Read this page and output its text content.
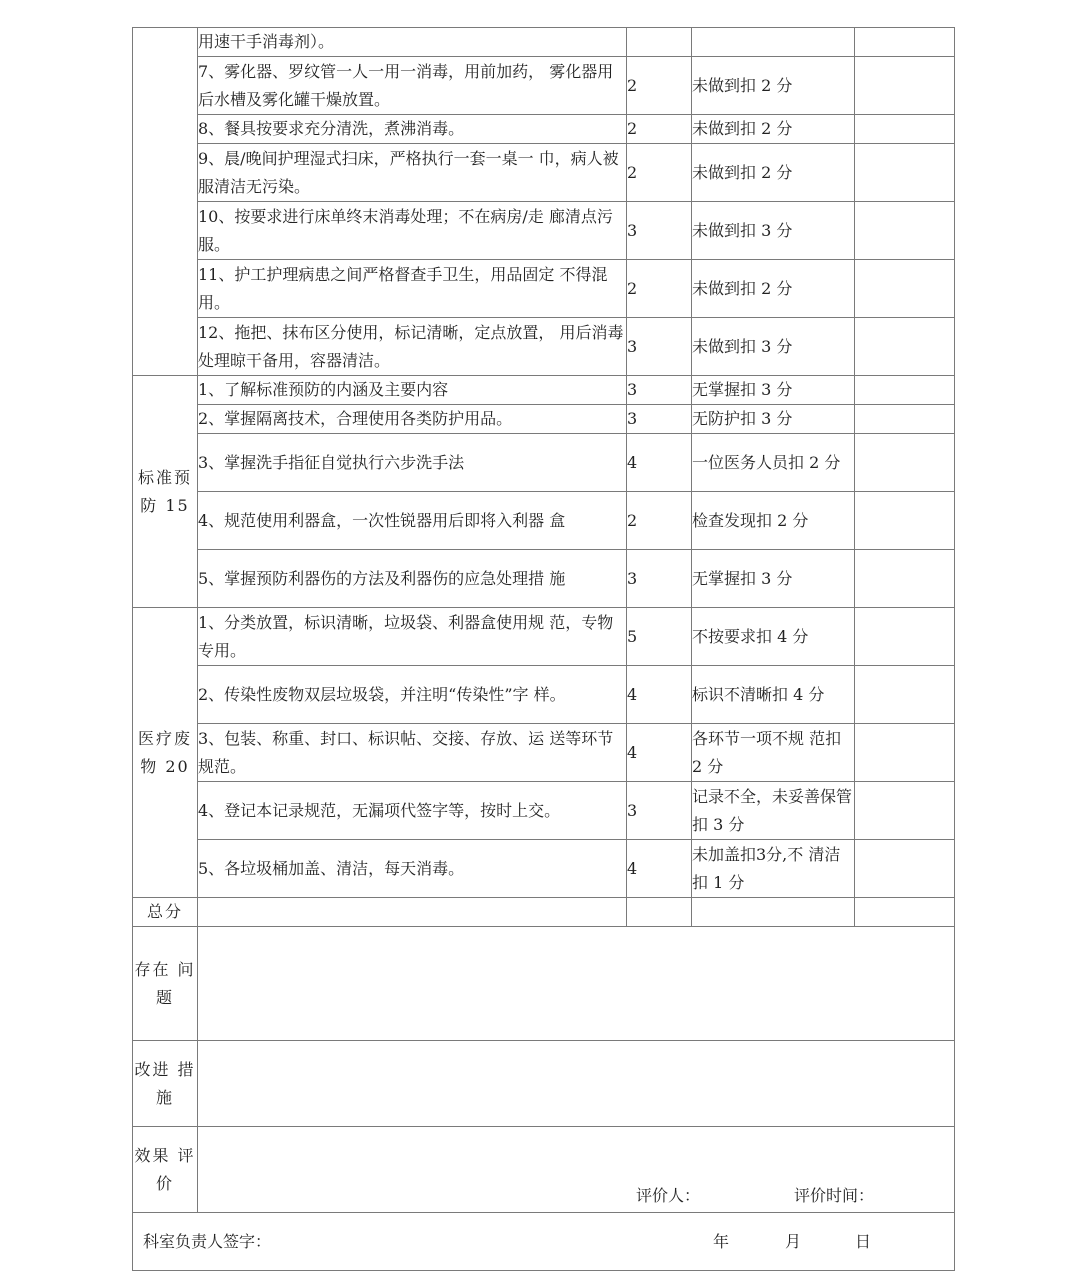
	用速干手消毒剂）。			
	7、雾化器、罗纹管一人一用一消毒，用前加药， 雾化器用后水槽及雾化罐干燥放置。	2	未做到扣 2 分	
	8、餐具按要求充分清洗，煮沸消毒。	2	未做到扣 2 分	
	9、晨/晚间护理湿式扫床，严格执行一套一桌一 巾，病人被服清洁无污染。	2	未做到扣 2 分	
	10、按要求进行床单终末消毒处理；不在病房/走 廊清点污服。	3	未做到扣 3 分	
	11、护工护理病患之间严格督查手卫生，用品固定 不得混用。	2	未做到扣 2 分	
	12、拖把、抹布区分使用，标记清晰，定点放置， 用后消毒处理晾干备用，容器清洁。	3	未做到扣 3 分	
标准预防 15	1、了解标准预防的内涵及主要内容	3	无掌握扣 3 分	
	2、掌握隔离技术，合理使用各类防护用品。	3	无防护扣 3 分	
	3、掌握洗手指征自觉执行六步洗手法	4	一位医务人员扣 2 分	
	4、规范使用利器盒，一次性锐器用后即将入利器 盒	2	检查发现扣 2 分	
	5、掌握预防利器伤的方法及利器伤的应急处理措 施	3	无掌握扣 3 分	
医疗废物 20	1、分类放置，标识清晰，垃圾袋、利器盒使用规 范，专物专用。	5	不按要求扣 4 分	
	2、传染性废物双层垃圾袋，并注明“传染性”字 样。	4	标识不清晰扣 4 分	
	3、包装、称重、封口、标识帖、交接、存放、运 送等环节规范。	4	各环节一项不规 范扣 2 分	
	4、登记本记录规范，无漏项代签字等，按时上交。	3	记录不全，未妥善保管扣 3 分	
	5、各垃圾桶加盖、清洁，每天消毒。	4	未加盖扣3分,不 清洁扣 1 分	
总分				
存在 问题				
改进 措施				
效果 评价	评价人： 评价时间：			

科室负责人签字： 年 月 日				
